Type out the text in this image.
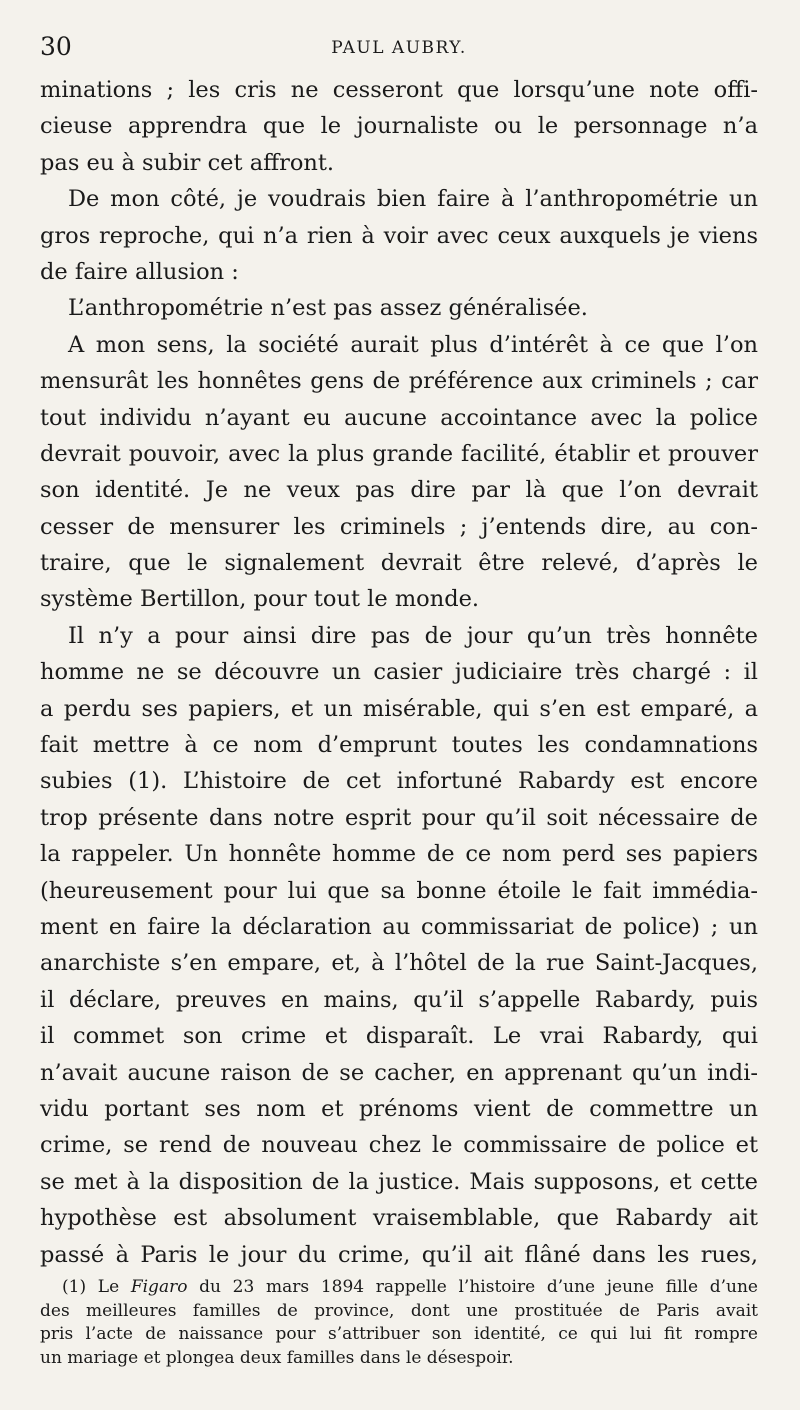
30	PAUL AUBRY.
minations ; les cris ne cesseront que lorsqu’une note offi-
cieuse apprendra que le journaliste ou le personnage n’a
pas eu à subir cet affront.
De mon côté, je voudrais bien faire à l’anthropométrie un
gros reproche, qui n’a rien à voir avec ceux auxquels je viens
de faire allusion :
L’anthropométrie n’est pas assez généralisée.
A mon sens, la société aurait plus d’intérêt à ce que l’on
mensurât les honnêtes gens de préférence aux criminels ; car
tout individu n’ayant eu aucune accointance avec la police
devrait pouvoir, avec la plus grande facilité, établir et prouver
son identité. Je ne veux pas dire par là que l’on devrait
cesser de mensurer les criminels ; j’entends dire, au con-
traire, que le signalement devrait être relevé, d’après le
système Bertillon, pour tout le monde.
Il n’y a pour ainsi dire pas de jour qu’un très honnête
homme ne se découvre un casier judiciaire très chargé : il
a perdu ses papiers, et un misérable, qui s’en est emparé, a
fait mettre à ce nom d’emprunt toutes les condamnations
subies (1). L’histoire de cet infortuné Rabardy est encore
trop présente dans notre esprit pour qu’il soit nécessaire de
la rappeler. Un honnête homme de ce nom perd ses papiers
(heureusement pour lui que sa bonne étoile le fait immédia-
ment en faire la déclaration au commissariat de police) ; un
anarchiste s’en empare, et, à l’hôtel de la rue Saint-Jacques,
il déclare, preuves en mains, qu’il s’appelle Rabardy, puis
il commet son crime et disparaît. Le vrai Rabardy, qui
n’avait aucune raison de se cacher, en apprenant qu’un indi-
vidu portant ses nom et prénoms vient de commettre un
crime, se rend de nouveau chez le commissaire de police et
se met à la disposition de la justice. Mais supposons, et cette
hypothèse est absolument vraisemblable, que Rabardy ait
passé à Paris le jour du crime, qu’il ait flâné dans les rues,
(1) Le Figaro du 23 mars 1894 rappelle l’histoire d’une jeune fille d’une
des meilleures familles de province, dont une prostituée de Paris avait
pris l’acte de naissance pour s’attribuer son identité, ce qui lui fit rompre
un mariage et plongea deux familles dans le désespoir.
